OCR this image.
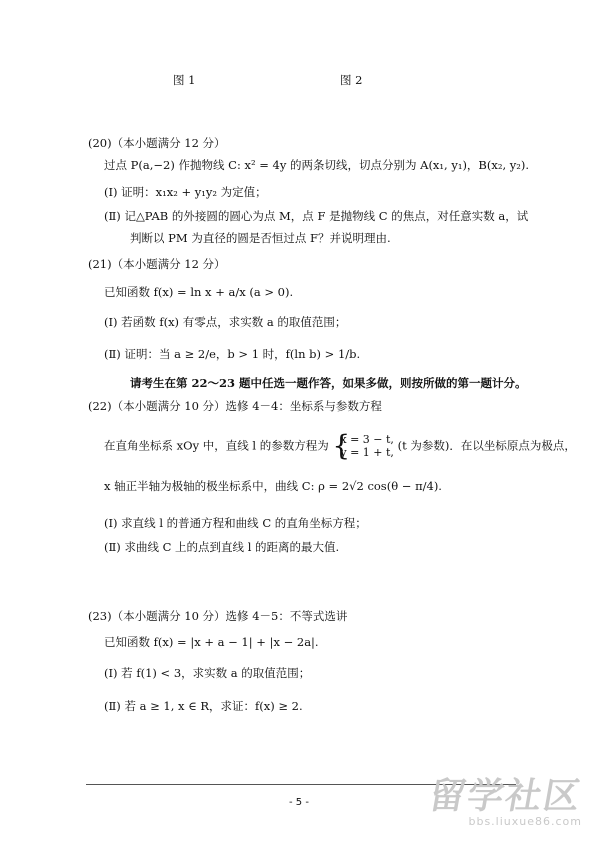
图 1	图 2
(20)（本小题满分 12 分）
过点 P(a,−2) 作抛物线 C: x² = 4y 的两条切线，切点分别为 A(x₁, y₁)，B(x₂, y₂).
(Ⅰ) 证明：x₁x₂ + y₁y₂ 为定值；
(Ⅱ) 记△PAB 的外接圆的圆心为点 M，点 F 是抛物线 C 的焦点，对任意实数 a，试
判断以 PM 为直径的圆是否恒过点 F？并说明理由.
(21)（本小题满分 12 分）
已知函数 f(x) = ln x + a/x (a > 0).
(Ⅰ) 若函数 f(x) 有零点，求实数 a 的取值范围；
(Ⅱ) 证明：当 a ≥ 2/e，b > 1 时，f(ln b) > 1/b.
请考生在第 22～23 题中任选一题作答，如果多做，则按所做的第一题计分。
(22)（本小题满分 10 分）选修 4－4：坐标系与参数方程
在直角坐标系 xOy 中，直线 l 的参数方程为 {
x = 3 − t,
y = 1 + t, (t 为参数)．在以坐标原点为极点，
x 轴正半轴为极轴的极坐标系中，曲线 C: ρ = 2√2 cos(θ − π/4).
(Ⅰ) 求直线 l 的普通方程和曲线 C 的直角坐标方程；
(Ⅱ) 求曲线 C 上的点到直线 l 的距离的最大值.
(23)（本小题满分 10 分）选修 4－5：不等式选讲
已知函数 f(x) = |x + a − 1| + |x − 2a|.
(Ⅰ) 若 f(1) < 3，求实数 a 的取值范围；
(Ⅱ) 若 a ≥ 1, x ∈ R，求证：f(x) ≥ 2.
- 5 -	留学社区
bbs.liuxue86.com
